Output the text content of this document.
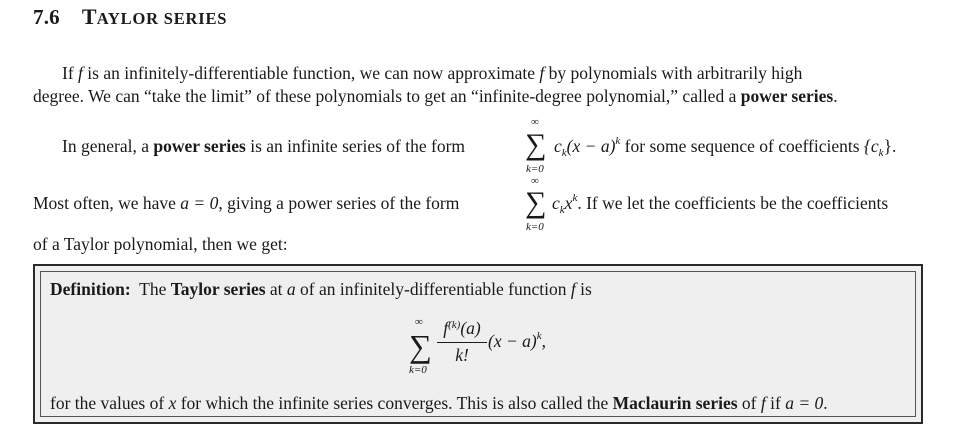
7.6 TAYLOR SERIES
If f is an infinitely-differentiable function, we can now approximate f by polynomials with arbitrarily high
degree. We can “take the limit” of these polynomials to get an “infinite-degree polynomial,” called a power series.
In general, a power series is an infinite series of the form
∞
∑
k=0
$c_k(x - a)^k$ for some sequence of coefficients $\{c_k\}$.
Most often, we have a = 0, giving a power series of the form
∞
∑
k=0
$c_kx^k$. If we let the coefficients be the coefficients
of a Taylor polynomial, then we get:
Definition:  The Taylor series at a of an infinitely-differentiable function f is
∞
∑
k=0
$f^{(k)}(a)$
k!
$(x - a)^k$,
for the values of x for which the infinite series converges. This is also called the Maclaurin series of f if a = 0.
